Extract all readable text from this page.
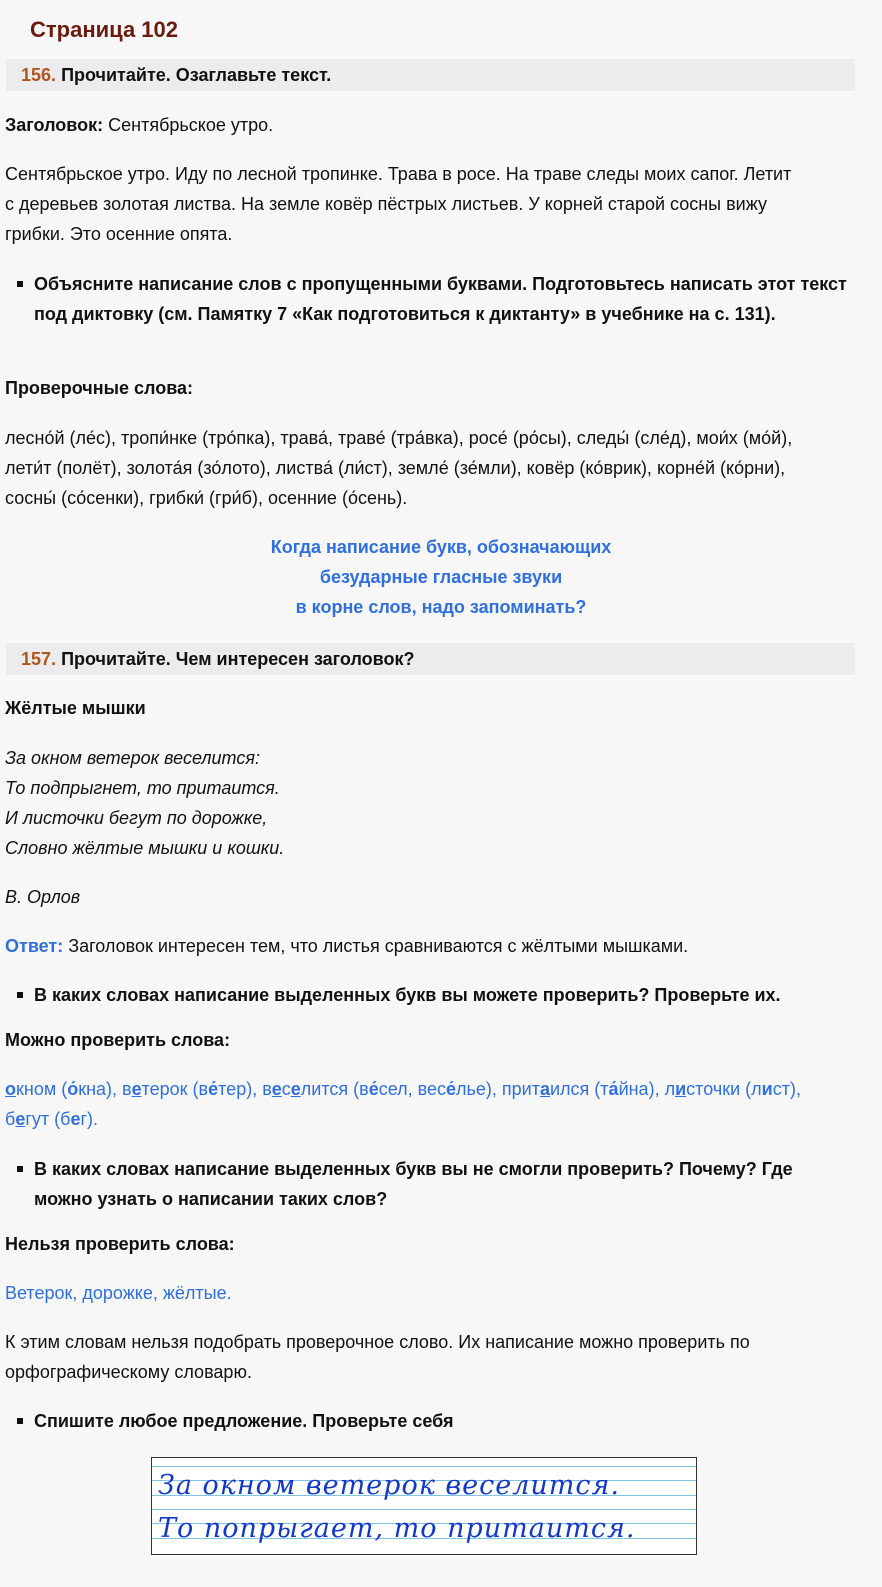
Страница 102
156. Прочитайте. Озаглавьте текст.

Заголовок: Сентябрьское утро.

Сентябрьское утро. Иду по лесной тропинке. Трава в росе. На траве следы моих сапог. Летит
с деревьев золотая листва. На земле ковёр пёстрых листьев. У корней старой сосны вижу
грибки. Это осенние опята.

Объясните написание слов с пропущенными буквами. Подготовьтесь написать этот текст под диктовку (см. Памятку 7 «Как подготовиться к диктанту» в учебнике на с. 131).

Проверочные слова:

лесно́й (ле́с), тропи́нке (тро́пка), трава́, траве́ (тра́вка), росе́ (ро́сы), следы́ (сле́д), мои́х (мо́й),
лети́т (полёт), золота́я (зо́лото), листва́ (ли́ст), земле́ (зе́мли), ковёр (ко́врик), корне́й (ко́рни),
сосны́ (со́сенки), грибки́ (гри́б), осенние (о́сень).
Когда написание букв, обозначающих
безударные гласные звуки
в корне слов, надо запоминать?
157. Прочитайте. Чем интересен заголовок?

Жёлтые мышки

За окном ветерок веселится:
То подпрыгнет, то притаится.
И листочки бегут по дорожке,
Словно жёлтые мышки и кошки.

В. Орлов

Ответ: Заголовок интересен тем, что листья сравниваются с жёлтыми мышками.

В каких словах написание выделенных букв вы можете проверить? Проверьте их.

Можно проверить слова:

окном (о́кна), ветерок (ве́тер), веселится (ве́сел, весе́лье), притаился (та́йна), листочки (лист),
бегут (бег).

В каких словах написание выделенных букв вы не смогли проверить? Почему? Где можно узнать о написании таких слов?

Нельзя проверить слова:

Ветерок, дорожке, жёлтые.

К этим словам нельзя подобрать проверочное слово. Их написание можно проверить по
орфографическому словарю.

Спишите любое предложение. Проверьте себя

За окном ветерок веселится.
То попрыгает, то притаится.
